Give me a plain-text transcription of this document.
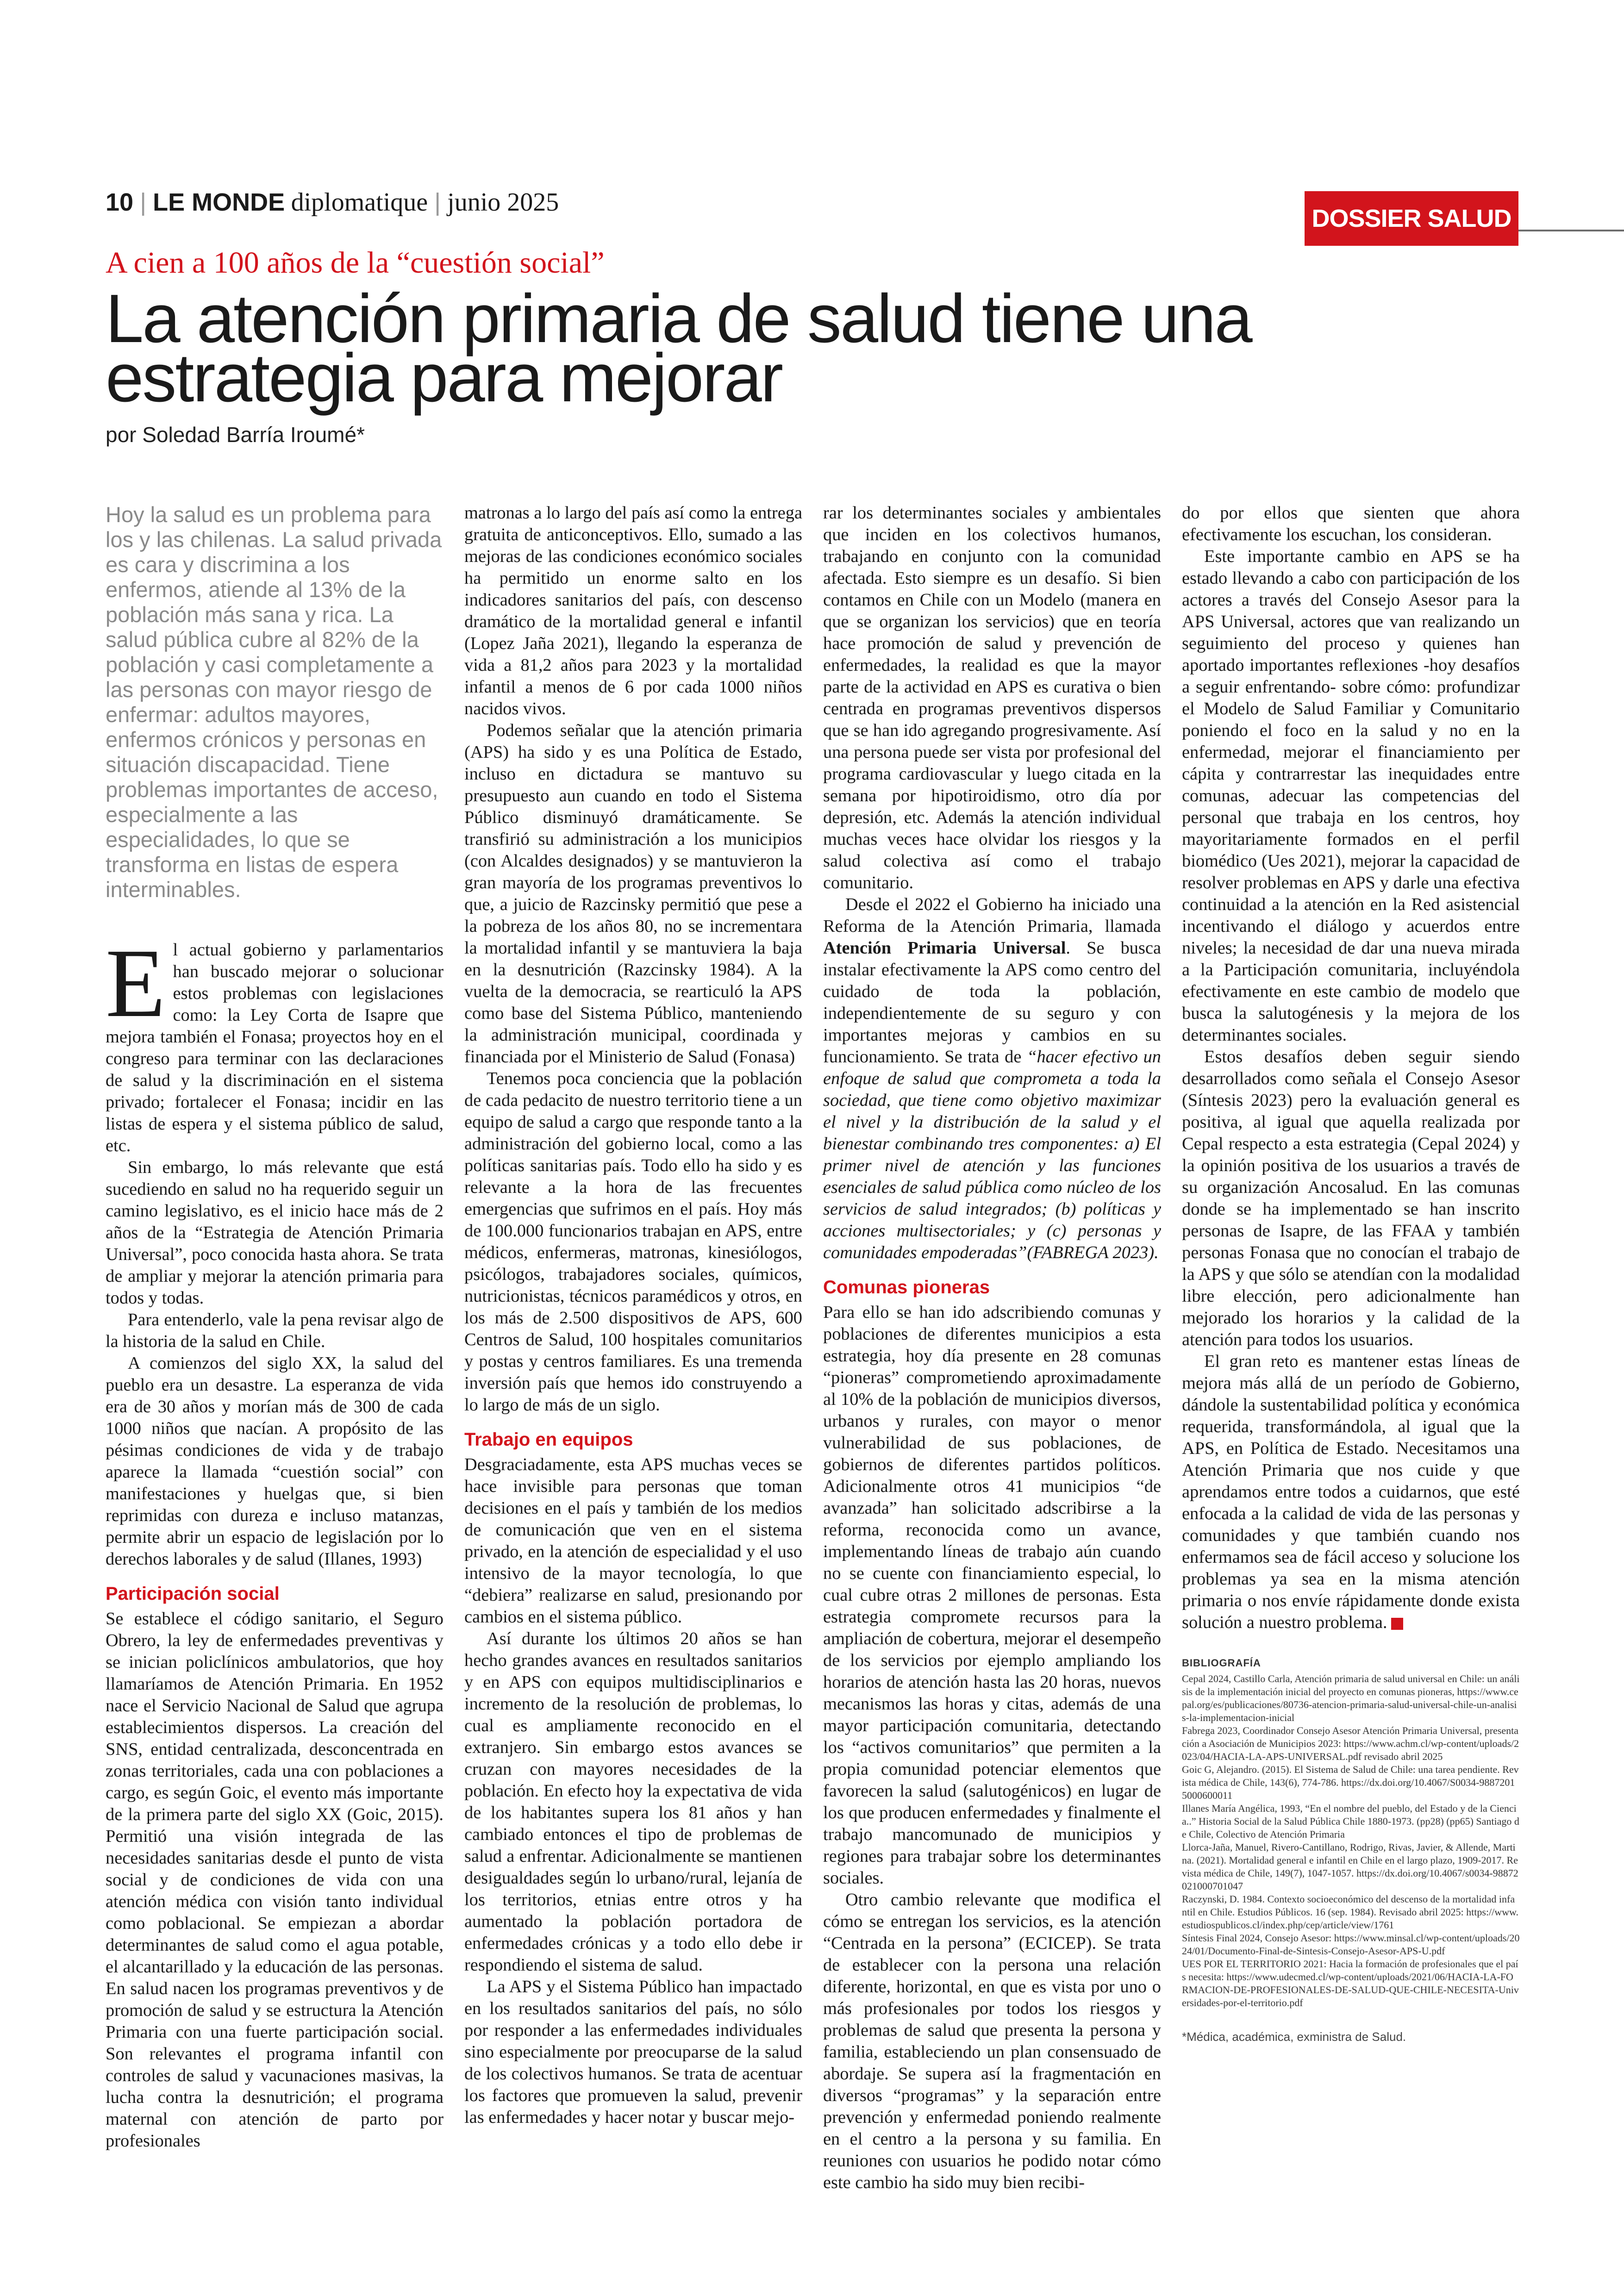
10 | LE MONDE diplomatique | junio 2025
DOSSIER SALUD
A cien a 100 años de la “cuestión social”
La atención primaria de salud tiene una estrategia para mejorar
por Soledad Barría Iroumé*
Hoy la salud es un problema para los y las chilenas. La salud privada es cara y discrimina a los enfermos, atiende al 13% de la población más sana y rica. La salud pública cubre al 82% de la población y casi completamente a las personas con mayor riesgo de enfermar: adultos mayores, enfermos crónicos y personas en situación discapacidad. Tiene problemas importantes de acceso, especialmente a las especialidades, lo que se transforma en listas de espera interminables.

El actual gobierno y parlamentarios han buscado mejorar o solucionar estos problemas con legislaciones como: la Ley Corta de Isapre que mejora también el Fonasa; proyectos hoy en el congreso para terminar con las declaraciones de salud y la discriminación en el sistema privado; fortalecer el Fonasa; incidir en las listas de espera y el sistema público de salud, etc.

Sin embargo, lo más relevante que está sucediendo en salud no ha requerido seguir un camino legislativo, es el inicio hace más de 2 años de la “Estrategia de Atención Primaria Universal”, poco conocida hasta ahora. Se trata de ampliar y mejorar la atención primaria para todos y todas.

Para entenderlo, vale la pena revisar algo de la historia de la salud en Chile.

A comienzos del siglo XX, la salud del pueblo era un desastre. La esperanza de vida era de 30 años y morían más de 300 de cada 1000 niños que nacían. A propósito de las pésimas condiciones de vida y de trabajo aparece la llamada “cuestión social” con manifestaciones y huelgas que, si bien reprimidas con dureza e incluso matanzas, permite abrir un espacio de legislación por lo derechos laborales y de salud (Illanes, 1993)

Participación social

Se establece el código sanitario, el Seguro Obrero, la ley de enfermedades preventivas y se inician policlínicos ambulatorios, que hoy llamaríamos de Atención Primaria. En 1952 nace el Servicio Nacional de Salud que agrupa establecimientos dispersos. La creación del SNS, entidad centralizada, desconcentrada en zonas territoriales, cada una con poblaciones a cargo, es según Goic, el evento más importante de la primera parte del siglo XX (Goic, 2015). Permitió una visión integrada de las necesidades sanitarias desde el punto de vista social y de condiciones de vida con una atención médica con visión tanto individual como poblacional. Se empiezan a abordar determinantes de salud como el agua potable, el alcantarillado y la educación de las personas. En salud nacen los programas preventivos y de promoción de salud y se estructura la Atención Primaria con una fuerte participación social. Son relevantes el programa infantil con controles de salud y vacunaciones masivas, la lucha contra la desnutrición; el programa maternal con atención de parto por profesionales

matronas a lo largo del país así como la entrega gratuita de anticonceptivos. Ello, sumado a las mejoras de las condiciones económico sociales ha permitido un enorme salto en los indicadores sanitarios del país, con descenso dramático de la mortalidad general e infantil (Lopez Jaña 2021), llegando la esperanza de vida a 81,2 años para 2023 y la mortalidad infantil a menos de 6 por cada 1000 niños nacidos vivos.

Podemos señalar que la atención primaria (APS) ha sido y es una Política de Estado, incluso en dictadura se mantuvo su presupuesto aun cuando en todo el Sistema Público disminuyó dramáticamente. Se transfirió su administración a los municipios (con Alcaldes designados) y se mantuvieron la gran mayoría de los programas preventivos lo que, a juicio de Razcinsky permitió que pese a la pobreza de los años 80, no se incrementara la mortalidad infantil y se mantuviera la baja en la desnutrición (Razcinsky 1984). A la vuelta de la democracia, se rearticuló la APS como base del Sistema Público, manteniendo la administración municipal, coordinada y financiada por el Ministerio de Salud (Fonasa)

Tenemos poca conciencia que la población de cada pedacito de nuestro territorio tiene a un equipo de salud a cargo que responde tanto a la administración del gobierno local, como a las políticas sanitarias país. Todo ello ha sido y es relevante a la hora de las frecuentes emergencias que sufrimos en el país. Hoy más de 100.000 funcionarios trabajan en APS, entre médicos, enfermeras, matronas, kinesiólogos, psicólogos, trabajadores sociales, químicos, nutricionistas, técnicos paramédicos y otros, en los más de 2.500 dispositivos de APS, 600 Centros de Salud, 100 hospitales comunitarios y postas y centros familiares. Es una tremenda inversión país que hemos ido construyendo a lo largo de más de un siglo.

Trabajo en equipos

Desgraciadamente, esta APS muchas veces se hace invisible para personas que toman decisiones en el país y también de los medios de comunicación que ven en el sistema privado, en la atención de especialidad y el uso intensivo de la mayor tecnología, lo que “debiera” realizarse en salud, presionando por cambios en el sistema público.

Así durante los últimos 20 años se han hecho grandes avances en resultados sanitarios y en APS con equipos multidisciplinarios e incremento de la resolución de problemas, lo cual es ampliamente reconocido en el extranjero. Sin embargo estos avances se cruzan con mayores necesidades de la población. En efecto hoy la expectativa de vida de los habitantes supera los 81 años y han cambiado entonces el tipo de problemas de salud a enfrentar. Adicionalmente se mantienen desigualdades según lo urbano/rural, lejanía de los territorios, etnias entre otros y ha aumentado la población portadora de enfermedades crónicas y a todo ello debe ir respondiendo el sistema de salud.

La APS y el Sistema Público han impactado en los resultados sanitarios del país, no sólo por responder a las enfermedades individuales sino especialmente por preocuparse de la salud de los colectivos humanos. Se trata de acentuar los factores que promueven la salud, prevenir las enfermedades y hacer notar y buscar mejo-

rar los determinantes sociales y ambientales que inciden en los colectivos humanos, trabajando en conjunto con la comunidad afectada. Esto siempre es un desafío. Si bien contamos en Chile con un Modelo (manera en que se organizan los servicios) que en teoría hace promoción de salud y prevención de enfermedades, la realidad es que la mayor parte de la actividad en APS es curativa o bien centrada en programas preventivos dispersos que se han ido agregando progresivamente. Así una persona puede ser vista por profesional del programa cardiovascular y luego citada en la semana por hipotiroidismo, otro día por depresión, etc. Además la atención individual muchas veces hace olvidar los riesgos y la salud colectiva así como el trabajo comunitario.

Desde el 2022 el Gobierno ha iniciado una Reforma de la Atención Primaria, llamada Atención Primaria Universal. Se busca instalar efectivamente la APS como centro del cuidado de toda la población, independientemente de su seguro y con importantes mejoras y cambios en su funcionamiento. Se trata de “hacer efectivo un enfoque de salud que comprometa a toda la sociedad, que tiene como objetivo maximizar el nivel y la distribución de la salud y el bienestar combinando tres componentes: a) El primer nivel de atención y las funciones esenciales de salud pública como núcleo de los servicios de salud integrados; (b) políticas y acciones multisectoriales; y (c) personas y comunidades empoderadas”(FABREGA 2023).

Comunas pioneras

Para ello se han ido adscribiendo comunas y poblaciones de diferentes municipios a esta estrategia, hoy día presente en 28 comunas “pioneras” comprometiendo aproximadamente al 10% de la población de municipios diversos, urbanos y rurales, con mayor o menor vulnerabilidad de sus poblaciones, de gobiernos de diferentes partidos políticos. Adicionalmente otros 41 municipios “de avanzada” han solicitado adscribirse a la reforma, reconocida como un avance, implementando líneas de trabajo aún cuando no se cuente con financiamiento especial, lo cual cubre otras 2 millones de personas. Esta estrategia compromete recursos para la ampliación de cobertura, mejorar el desempeño de los servicios por ejemplo ampliando los horarios de atención hasta las 20 horas, nuevos mecanismos las horas y citas, además de una mayor participación comunitaria, detectando los “activos comunitarios” que permiten a la propia comunidad potenciar elementos que favorecen la salud (salutogénicos) en lugar de los que producen enfermedades y finalmente el trabajo mancomunado de municipios y regiones para trabajar sobre los determinantes sociales.

Otro cambio relevante que modifica el cómo se entregan los servicios, es la atención “Centrada en la persona” (ECICEP). Se trata de establecer con la persona una relación diferente, horizontal, en que es vista por uno o más profesionales por todos los riesgos y problemas de salud que presenta la persona y familia, estableciendo un plan consensuado de abordaje. Se supera así la fragmentación en diversos “programas” y la separación entre prevención y enfermedad poniendo realmente en el centro a la persona y su familia. En reuniones con usuarios he podido notar cómo este cambio ha sido muy bien recibi-

do por ellos que sienten que ahora efectivamente los escuchan, los consideran.

Este importante cambio en APS se ha estado llevando a cabo con participación de los actores a través del Consejo Asesor para la APS Universal, actores que van realizando un seguimiento del proceso y quienes han aportado importantes reflexiones -hoy desafíos a seguir enfrentando- sobre cómo: profundizar el Modelo de Salud Familiar y Comunitario poniendo el foco en la salud y no en la enfermedad, mejorar el financiamiento per cápita y contrarrestar las inequidades entre comunas, adecuar las competencias del personal que trabaja en los centros, hoy mayoritariamente formados en el perfil biomédico (Ues 2021), mejorar la capacidad de resolver problemas en APS y darle una efectiva continuidad a la atención en la Red asistencial incentivando el diálogo y acuerdos entre niveles; la necesidad de dar una nueva mirada a la Participación comunitaria, incluyéndola efectivamente en este cambio de modelo que busca la salutogénesis y la mejora de los determinantes sociales.

Estos desafíos deben seguir siendo desarrollados como señala el Consejo Asesor (Síntesis 2023) pero la evaluación general es positiva, al igual que aquella realizada por Cepal respecto a esta estrategia (Cepal 2024) y la opinión positiva de los usuarios a través de su organización Ancosalud. En las comunas donde se ha implementado se han inscrito personas de Isapre, de las FFAA y también personas Fonasa que no conocían el trabajo de la APS y que sólo se atendían con la modalidad libre elección, pero adicionalmente han mejorado los horarios y la calidad de la atención para todos los usuarios.

El gran reto es mantener estas líneas de mejora más allá de un período de Gobierno, dándole la sustentabilidad política y económica requerida, transformándola, al igual que la APS, en Política de Estado. Necesitamos una Atención Primaria que nos cuide y que aprendamos entre todos a cuidarnos, que esté enfocada a la calidad de vida de las personas y comunidades y que también cuando nos enfermamos sea de fácil acceso y solucione los problemas ya sea en la misma atención primaria o nos envíe rápidamente donde exista solución a nuestro problema.

BIBLIOGRAFÍA
Cepal 2024, Castillo Carla, Atención primaria de salud universal en Chile: un análisis de la implementación inicial del proyecto en comunas pioneras, https://www.cepal.org/es/publicaciones/80736-atencion-primaria-salud-universal-chile-un-analisis-la-implementacion-inicial
Fabrega 2023, Coordinador Consejo Asesor Atención Primaria Universal, presentación a Asociación de Municipios 2023: https://www.achm.cl/wp-content/uploads/2023/04/HACIA-LA-APS-UNIVERSAL.pdf revisado abril 2025
Goic G, Alejandro. (2015). El Sistema de Salud de Chile: una tarea pendiente. Revista médica de Chile, 143(6), 774-786. https://dx.doi.org/10.4067/S0034-98872015000600011
Illanes María Angélica, 1993, “En el nombre del pueblo, del Estado y de la Ciencia..” Historia Social de la Salud Pública Chile 1880-1973. (pp28) (pp65) Santiago de Chile, Colectivo de Atención Primaria
Llorca-Jaña, Manuel, Rivero-Cantillano, Rodrigo, Rivas, Javier, & Allende, Martina. (2021). Mortalidad general e infantil en Chile en el largo plazo, 1909-2017. Revista médica de Chile, 149(7), 1047-1057. https://dx.doi.org/10.4067/s0034-98872021000701047
Raczynski, D. 1984. Contexto socioeconómico del descenso de la mortalidad infantil en Chile. Estudios Públicos. 16 (sep. 1984). Revisado abril 2025: https://www.estudiospublicos.cl/index.php/cep/article/view/1761
Síntesis Final 2024, Consejo Asesor: https://www.minsal.cl/wp-content/uploads/2024/01/Documento-Final-de-Sintesis-Consejo-Asesor-APS-U.pdf
UES POR EL TERRITORIO 2021: Hacia la formación de profesionales que el país necesita: https://www.udecmed.cl/wp-content/uploads/2021/06/HACIA-LA-FORMACION-DE-PROFESIONALES-DE-SALUD-QUE-CHILE-NECESITA-Universidades-por-el-territorio.pdf
*Médica, académica, exministra de Salud.
